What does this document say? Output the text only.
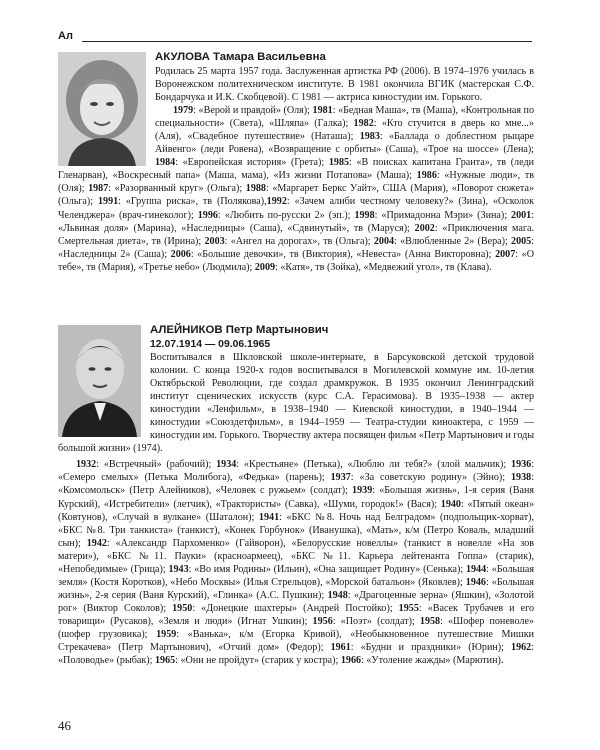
Ал

АКУЛОВА Тамара Васильевна

Родилась 25 марта 1957 года. Заслуженная артистка РФ (2006). В 1974–1976 училась в Воронежском политехническом институте. В 1981 окончила ВГИК (мастерская С.Ф. Бондарчука и И.К. Скобцевой). С 1981 — актриса киностудии им. Горького.

1979: «Верой и правдой» (Оля); 1981: «Бедная Маша», тв (Маша), «Контрольная по специальности» (Света), «Шляпа» (Галка); 1982: «Кто стучится в дверь ко мне...» (Аля), «Свадебное путешествие» (Наташа); 1983: «Баллада о доблестном рыцаре Айвенго» (леди Ровена), «Возвращение с орбиты» (Саша), «Трое на шоссе» (Лена); 1984: «Европейская история» (Грета); 1985: «В поисках капитана Гранта», тв (леди Гленарван), «Воскресный папа» (Маша, мама), «Из жизни Потапова» (Маша); 1986: «Нужные люди», тв (Оля); 1987: «Разорванный круг» (Ольга); 1988: «Маргарет Беркс Уайт», США (Мария), «Поворот сюжета» (Ольга); 1991: «Группа риска», тв (Полякова),1992: «Зачем алиби честному человеку?» (Зина), «Осколок Челенджера» (врач-гинеколог); 1996: «Любить по-русски 2» (эп.); 1998: «Примадонна Мэри» (Зина); 2001: «Львиная доля» (Марина), «Наследницы» (Саша), «Сдвинутый», тв (Маруся); 2002: «Приключения мага. Смертельная диета», тв (Ирина); 2003: «Ангел на дорогах», тв (Ольга); 2004: «Влюбленные 2» (Вера); 2005: «Наследницы 2» (Саша); 2006: «Большие девочки», тв (Виктория), «Невеста» (Анна Викторовна); 2007: «О тебе», тв (Мария), «Третье небо» (Людмила); 2009: «Катя», тв (Зойка), «Медвежий угол», тв (Клава).

АЛЕЙНИКОВ Петр Мартынович

12.07.1914 — 09.06.1965

Воспитывался в Шкловской школе-интернате, в Барсуковской детской трудовой колонии. С конца 1920-х годов воспитывался в Могилевской коммуне им. 10-летия Октябрьской Революции, где создал драмкружок. В 1935 окончил Ленинградский институт сценических искусств (курс С.А. Герасимова). В 1935–1938 — актер киностудии «Ленфильм», в 1938–1940 — Киевской киностудии, в 1940–1944 — киностудии «Союздетфильм», в 1944–1959 — Театра-студии киноактера, с 1959 — киностудии им. Горького. Творчеству актера посвящен фильм «Петр Мартынович и годы большой жизни» (1974).

1932: «Встречный» (рабочий); 1934: «Крестьяне» (Петька), «Люблю ли тебя?» (злой мальчик); 1936: «Семеро смелых» (Петька Молибога), «Федька» (парень); 1937: «За советскую родину» (Эйно); 1938: «Комсомольск» (Петр Алейников), «Человек с ружьем» (солдат); 1939: «Большая жизнь», 1-я серия (Ваня Курский), «Истребители» (летчик), «Трактористы» (Савка), «Шуми, городок!» (Вася); 1940: «Пятый океан» (Ковтунов), «Случай в вулкане» (Шаталон); 1941: «БКС №8. Ночь над Белградом» (подпольщик-хорват), «БКС №8. Три танкиста» (танкист), «Конек Горбунок» (Иванушка), «Мать», к/м (Петро Коваль, младший сын); 1942: «Александр Пархоменко» (Гайворон), «Белорусские новеллы» (танкист в новелле «На зов матери»), «БКС №11. Пауки» (красноармеец), «БКС №11. Карьера лейтенанта Гоппа» (старик), «Непобедимые» (Грица); 1943: «Во имя Родины» (Ильин), «Она защищает Родину» (Сенька); 1944: «Большая земля» (Костя Коротков), «Небо Москвы» (Илья Стрельцов), «Морской батальон» (Яковлев); 1946: «Большая жизнь», 2-я серия (Ваня Курский), «Глинка» (А.С. Пушкин); 1948: «Драгоценные зерна» (Яшкин), «Золотой рог» (Виктор Соколов); 1950: «Донецкие шахтеры» (Андрей Постойко); 1955: «Васек Трубачев и его товарищи» (Русаков), «Земля и люди» (Игнат Ушкин); 1956: «Поэт» (солдат); 1958: «Шофер поневоле» (шофер грузовика); 1959: «Ванька», к/м (Егорка Кривой), «Необыкновенное путешествие Мишки Стрекачева» (Петр Мартынович), «Отчий дом» (Федор); 1961: «Будни и праздники» (Юрин); 1962: «Половодье» (рыбак); 1965: «Они не пройдут» (старик у костра); 1966: «Утоление жажды» (Марютин).

46
